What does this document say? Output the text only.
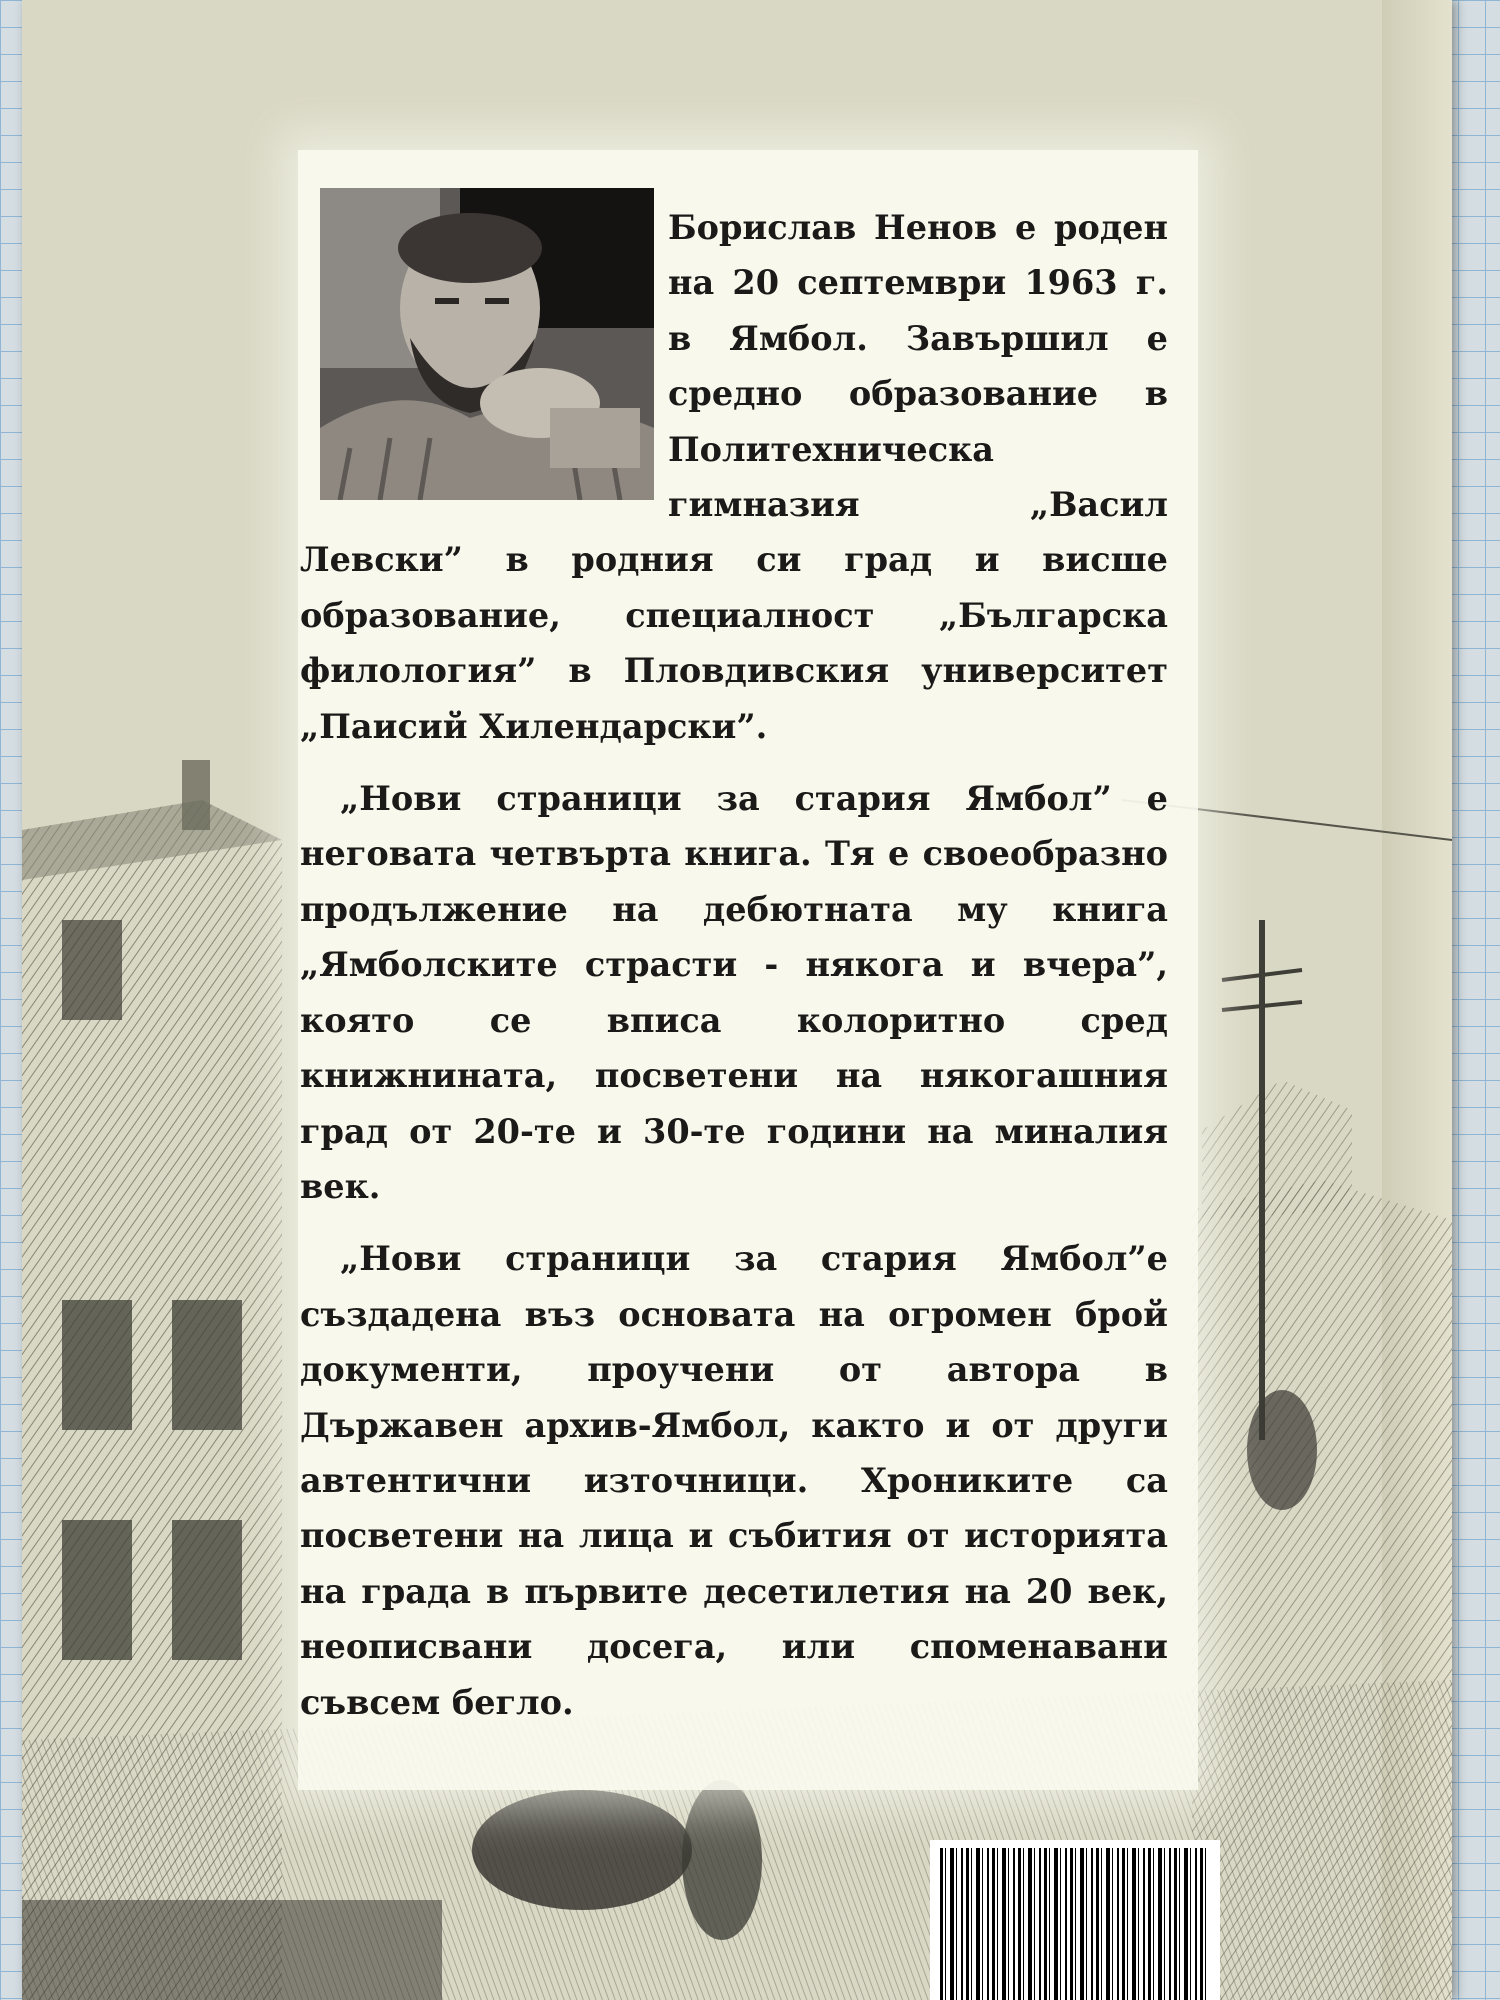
Борислав Ненов е роден на 20 септември 1963 г. в Ямбол. Завършил е средно образование в Политехническа гимназия „Васил Левски” в родния си град и висше образование, специалност „Българска филология” в Пловдивския университет „Паисий Хилендарски”.

„Нови страници за стария Ямбол” е неговата четвърта книга. Тя е своеобразно продължение на дебютната му книга „Ямболските страсти - някога и вчера”, която се вписа колоритно сред книжнината, посветени на някогашния град от 20-те и 30-те години на миналия век.

„Нови страници за стария Ямбол”е създадена въз основата на огромен брой документи, проучени от автора в Държавен архив-Ямбол, както и от други автентични източници. Хрониките са посветени на лица и събития от историята на града в първите десетилетия на 20 век, неописвани досега, или споменавани съвсем бегло.
